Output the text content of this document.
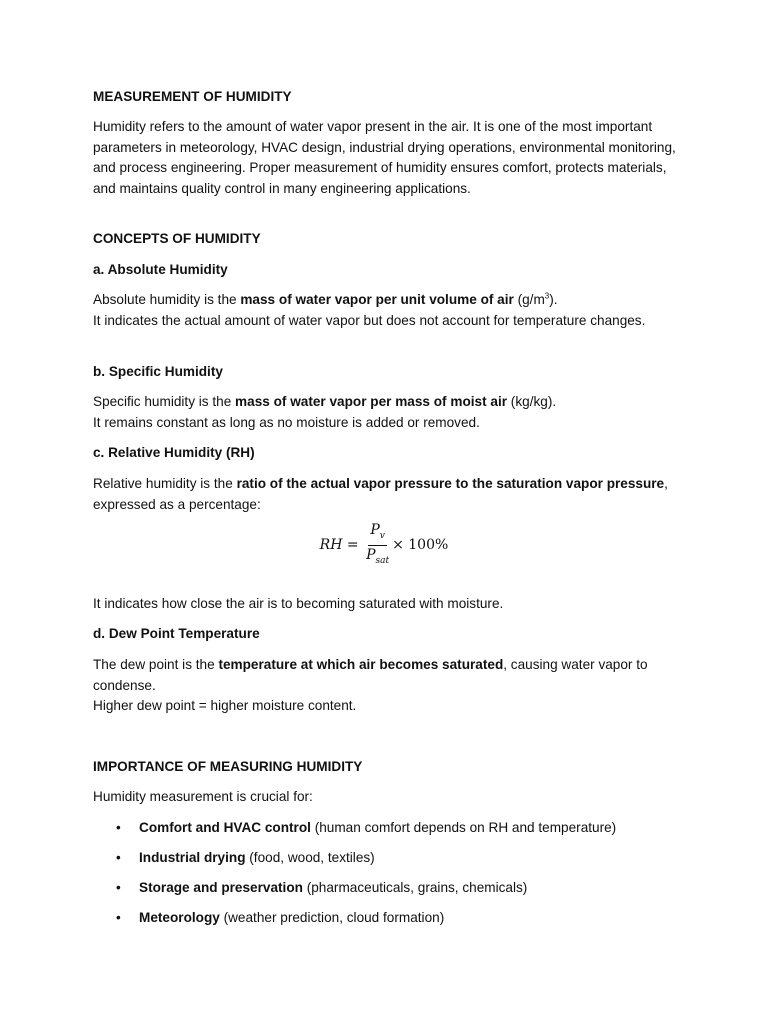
MEASUREMENT OF HUMIDITY

Humidity refers to the amount of water vapor present in the air. It is one of the most important parameters in meteorology, HVAC design, industrial drying operations, environmental monitoring, and process engineering. Proper measurement of humidity ensures comfort, protects materials, and maintains quality control in many engineering applications.

CONCEPTS OF HUMIDITY

a. Absolute Humidity

Absolute humidity is the mass of water vapor per unit volume of air $(g/m^3)$.
It indicates the actual amount of water vapor but does not account for temperature changes.

b. Specific Humidity

Specific humidity is the mass of water vapor per mass of moist air (kg/kg).
It remains constant as long as no moisture is added or removed.

c. Relative Humidity (RH)

Relative humidity is the ratio of the actual vapor pressure to the saturation vapor pressure, expressed as a percentage:

RH = $\frac{P_v}{P_{sat}} \times 100\%$

It indicates how close the air is to becoming saturated with moisture.

d. Dew Point Temperature

The dew point is the temperature at which air becomes saturated, causing water vapor to condense.
Higher dew point = higher moisture content.

IMPORTANCE OF MEASURING HUMIDITY

Humidity measurement is crucial for:

• Comfort and HVAC control (human comfort depends on RH and temperature)

• Industrial drying (food, wood, textiles)

• Storage and preservation (pharmaceuticals, grains, chemicals)

• Meteorology (weather prediction, cloud formation)
